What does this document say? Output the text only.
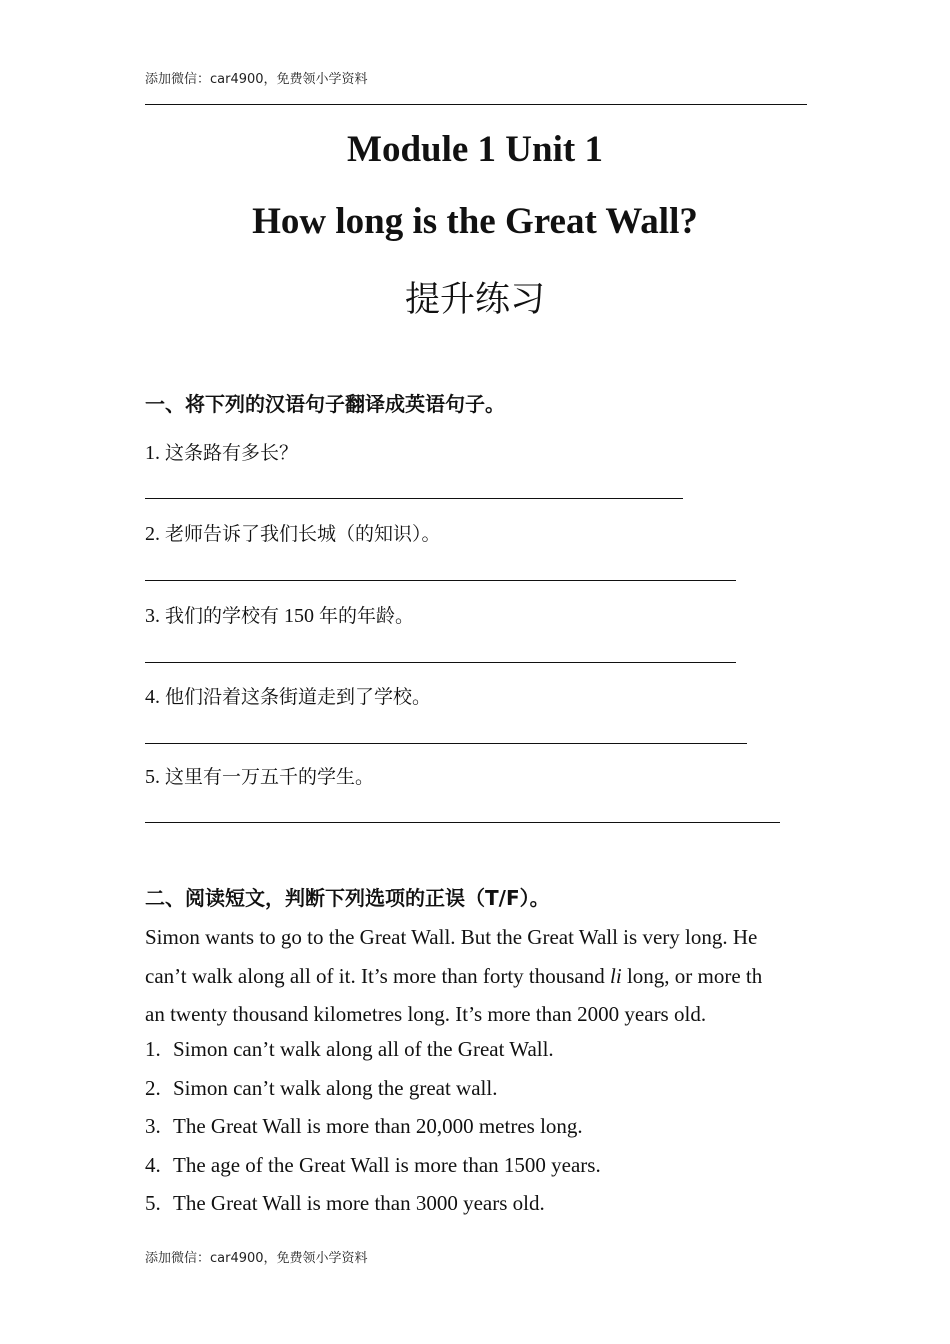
添加微信：car4900，免费领小学资料
Module 1 Unit 1
How long is the Great Wall?
提升练习
一、将下列的汉语句子翻译成英语句子。
1. 这条路有多长？
2. 老师告诉了我们长城（的知识）。
3. 我们的学校有 150 年的年龄。
4. 他们沿着这条街道走到了学校。
5. 这里有一万五千的学生。
二、阅读短文，判断下列选项的正误（T/F）。

Simon wants to go to the Great Wall. But the Great Wall is very long. He

can’t walk along all of it. It’s more than forty thousand li long, or more th

an twenty thousand kilometres long. It’s more than 2000 years old.

1. Simon can’t walk along all of the Great Wall.
2. Simon can’t walk along the great wall.
3. The Great Wall is more than 20,000 metres long.
4. The age of the Great Wall is more than 1500 years.
5. The Great Wall is more than 3000 years old.
添加微信：car4900，免费领小学资料
